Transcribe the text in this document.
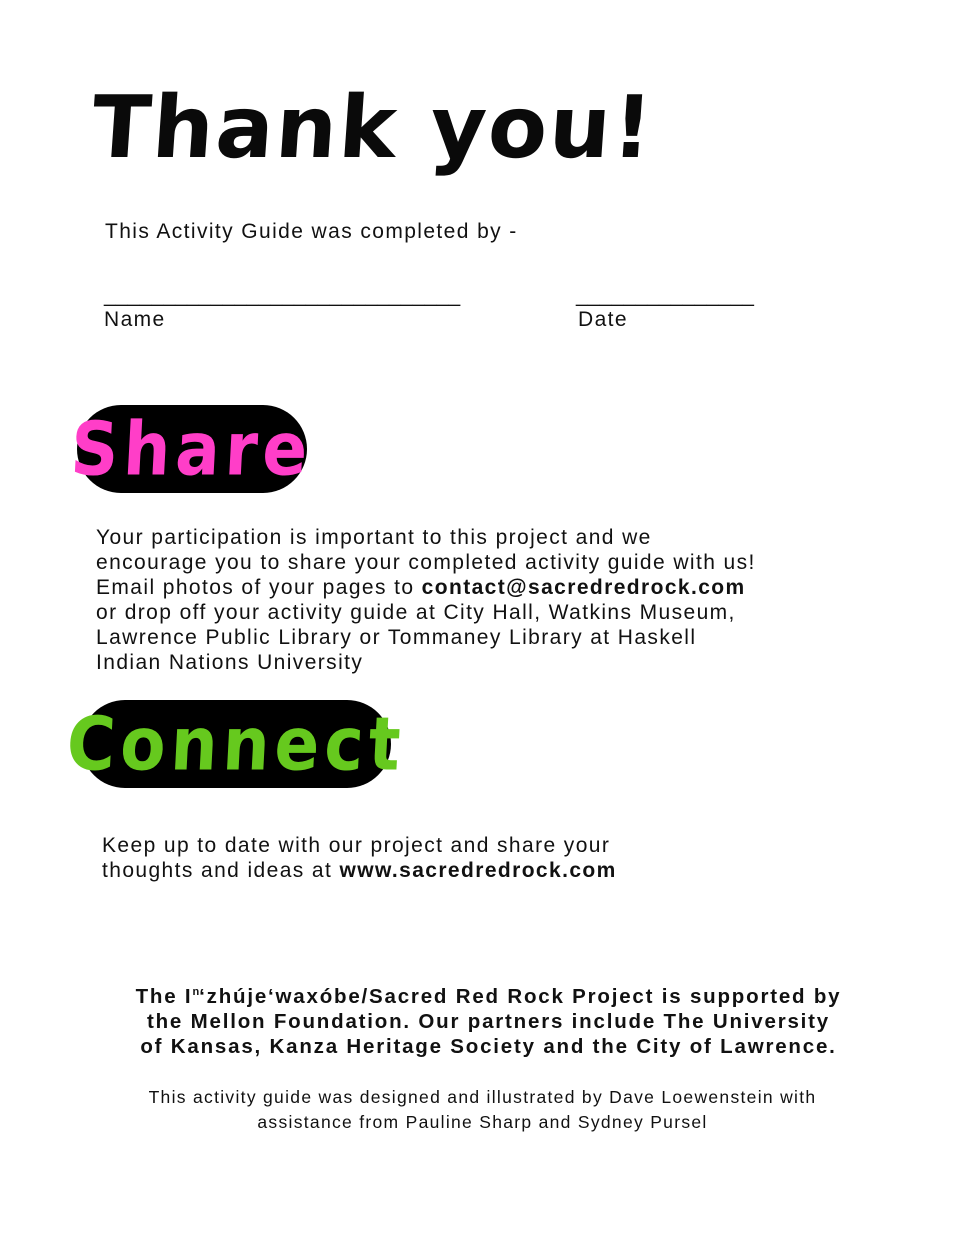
Thank you!
This Activity Guide was completed by -
______________________________	_______________
Name	Date
Share
Your participation is important to this project and we
encourage you to share your completed activity guide with us!
Email photos of your pages to contact@sacredredrock.com
or drop off your activity guide at City Hall, Watkins Museum,
Lawrence Public Library or Tommaney Library at Haskell
Indian Nations University
Connect
Keep up to date with our project and share your
thoughts and ideas at www.sacredredrock.com
The $I^n‘zhúje‘waxóbe$/Sacred Red Rock Project is supported by
the Mellon Foundation. Our partners include The University
of Kansas, Kanza Heritage Society and the City of Lawrence.
This activity guide was designed and illustrated by Dave Loewenstein with
assistance from Pauline Sharp and Sydney Pursel
